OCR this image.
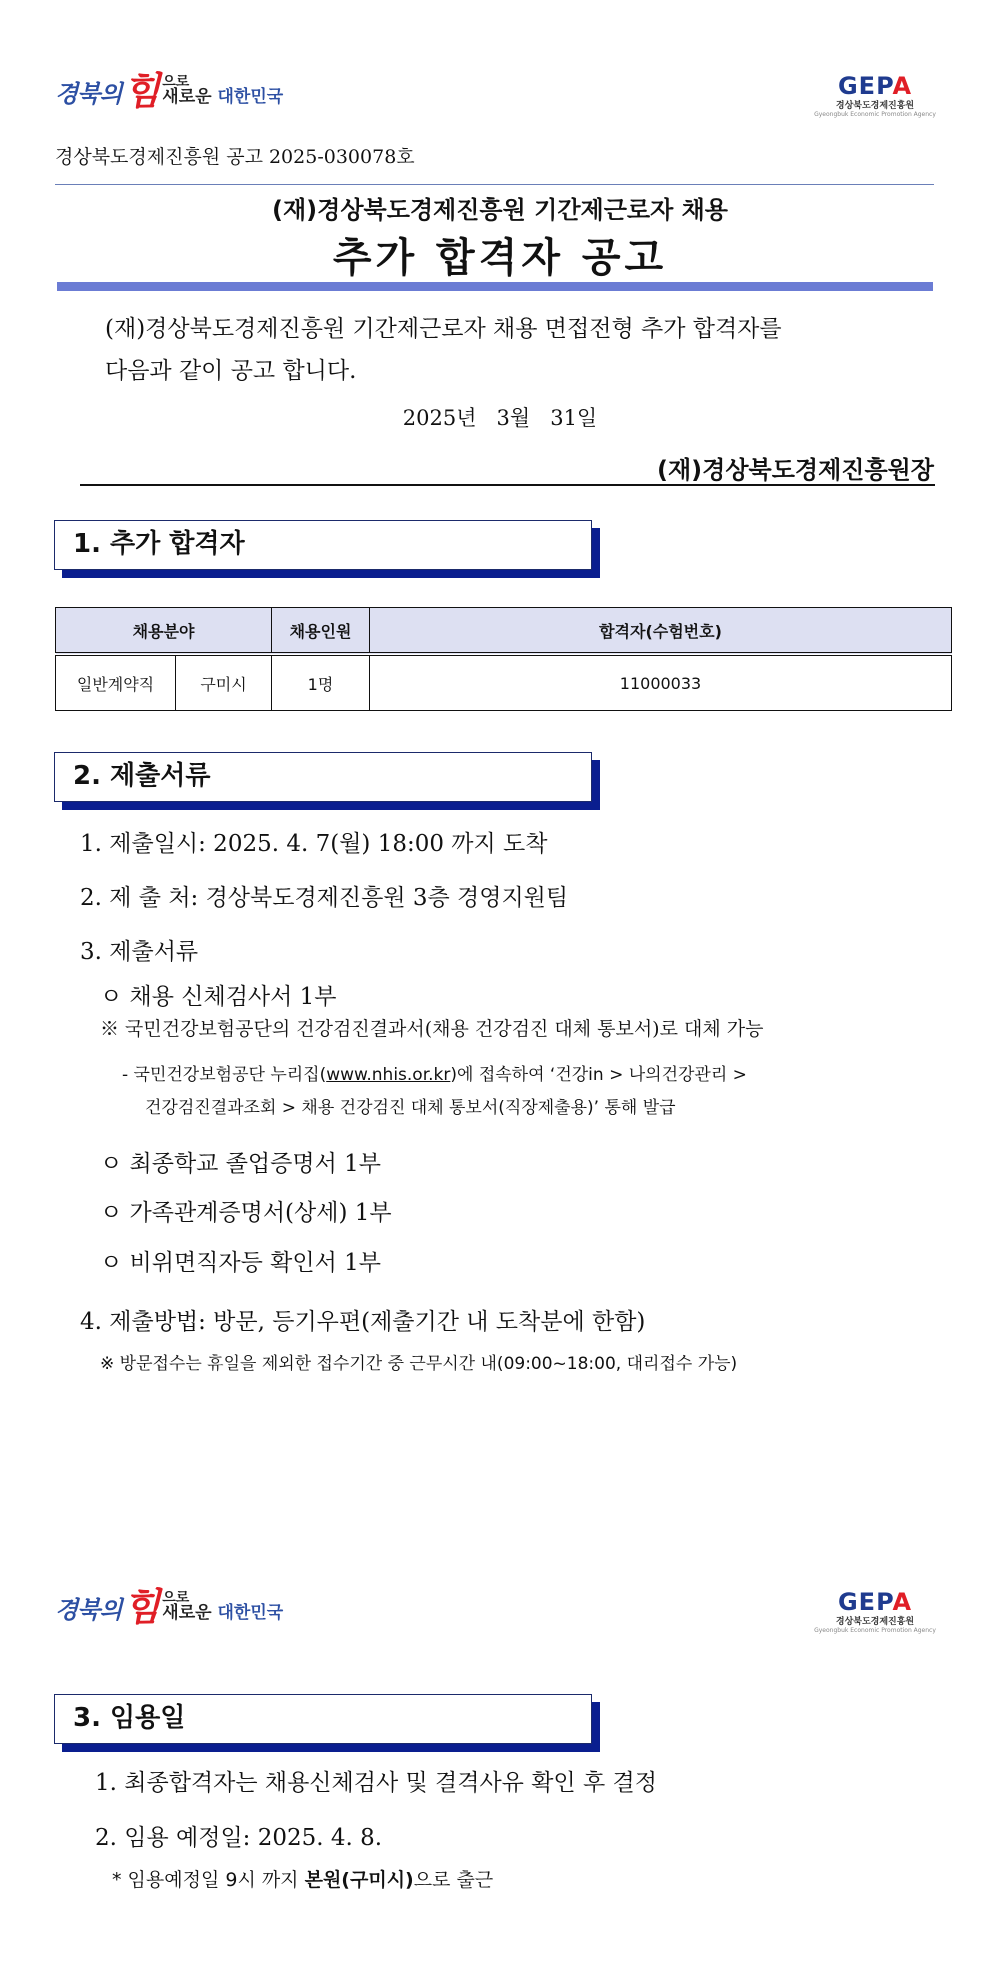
경북의 힘 으로
새로운 대한민국	GEPA
경상북도경제진흥원
Gyeongbuk Economic Promotion Agency
경상북도경제진흥원 공고 2025-030078호
(재)경상북도경제진흥원 기간제근로자 채용
추가 합격자 공고
(재)경상북도경제진흥원 기간제근로자 채용 면접전형 추가 합격자를
다음과 같이 공고 합니다.
2025년   3월   31일
(재)경상북도경제진흥원장
1. 추가 합격자
채용분야		채용인원	합격자(수험번호)
일반계약직	구미시	1명	11000033
2. 제출서류
1. 제출일시: 2025. 4. 7(월) 18:00 까지 도착
2. 제 출 처: 경상북도경제진흥원 3층 경영지원팀
3. 제출서류
ㅇ 채용 신체검사서 1부
※ 국민건강보험공단의 건강검진결과서(채용 건강검진 대체 통보서)로 대체 가능
- 국민건강보험공단 누리집(www.nhis.or.kr)에 접속하여 ‘건강in > 나의건강관리 >
건강검진결과조회 > 채용 건강검진 대체 통보서(직장제출용)’ 통해 발급
ㅇ 최종학교 졸업증명서 1부
ㅇ 가족관계증명서(상세) 1부
ㅇ 비위면직자등 확인서 1부
4. 제출방법: 방문, 등기우편(제출기간 내 도착분에 한함)
※ 방문접수는 휴일을 제외한 접수기간 중 근무시간 내(09:00~18:00, 대리접수 가능)
경북의 힘 으로
새로운 대한민국	GEPA
경상북도경제진흥원
Gyeongbuk Economic Promotion Agency
3. 임용일
1. 최종합격자는 채용신체검사 및 결격사유 확인 후 결정
2. 임용 예정일: 2025. 4. 8.
* 임용예정일 9시 까지 본원(구미시)으로 출근
